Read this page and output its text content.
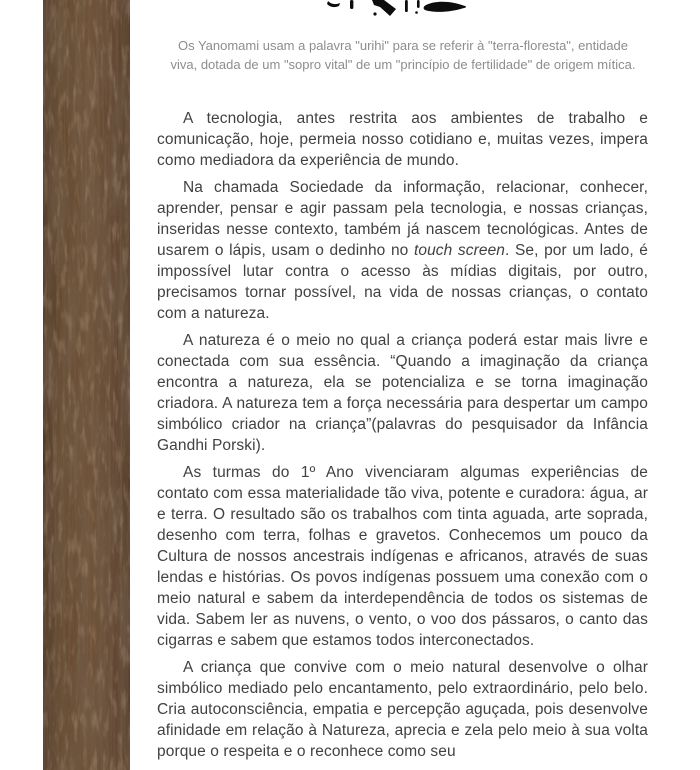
Os Yanomami usam a palavra "urihi" para se referir à "terra-floresta", entidade
viva, dotada de um "sopro vital" de um "princípio de fertilidade" de origem mítica.

A tecnologia, antes restrita aos ambientes de trabalho e comunicação, hoje, permeia nosso cotidiano e, muitas vezes, impera como mediadora da experiência de mundo.

Na chamada Sociedade da informação, relacionar, conhecer, aprender, pensar e agir passam pela tecnologia, e nossas crianças, inseridas nesse contexto, também já nascem tecnológicas. Antes de usarem o lápis, usam o dedinho no touch screen. Se, por um lado, é impossível lutar contra o acesso às mídias digitais, por outro, precisamos tornar possível, na vida de nossas crianças, o contato com a natureza.

A natureza é o meio no qual a criança poderá estar mais livre e conectada com sua essência. “Quando a imaginação da criança encontra a natureza, ela se potencializa e se torna imaginação criadora. A natureza tem a força necessária para despertar um campo simbólico criador na criança”(palavras do pesquisador da Infância Gandhi Porski).

As turmas do 1º Ano vivenciaram algumas experiências de contato com essa materialidade tão viva, potente e curadora: água, ar e terra. O resultado são os trabalhos com tinta aguada, arte soprada, desenho com terra, folhas e gravetos. Conhecemos um pouco da Cultura de nossos ancestrais indígenas e africanos, através de suas lendas e histórias. Os povos indígenas possuem uma conexão com o meio natural e sabem da interdependência de todos os sistemas de vida. Sabem ler as nuvens, o vento, o voo dos pássaros, o canto das cigarras e sabem que estamos todos interconectados.

A criança que convive com o meio natural desenvolve o olhar simbólico mediado pelo encantamento, pelo extraordinário, pelo belo. Cria autoconsciência, empatia e percepção aguçada, pois desenvolve afinidade em relação à Natureza, aprecia e zela pelo meio à sua volta porque o respeita e o reconhece como seu
